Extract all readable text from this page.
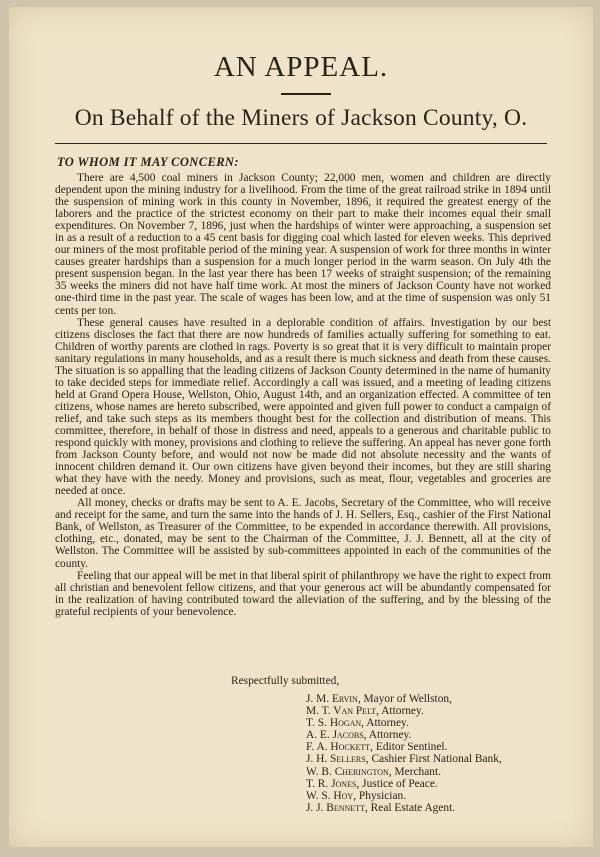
AN APPEAL.
On Behalf of the Miners of Jackson County, O.
TO WHOM IT MAY CONCERN:

There are 4,500 coal miners in Jackson County; 22,000 men, women and children are directly dependent upon the mining industry for a livelihood. From the time of the great railroad strike in 1894 until the suspension of mining work in this county in November, 1896, it required the greatest energy of the laborers and the practice of the strictest economy on their part to make their incomes equal their small expenditures. On November 7, 1896, just when the hardships of winter were approaching, a suspension set in as a result of a reduction to a 45 cent basis for digging coal which lasted for eleven weeks. This deprived our miners of the most profitable period of the mining year. A suspension of work for three months in winter causes greater hardships than a suspension for a much longer period in the warm season. On July 4th the present suspension began. In the last year there has been 17 weeks of straight suspension; of the remaining 35 weeks the miners did not have half time work. At most the miners of Jackson County have not worked one-third time in the past year. The scale of wages has been low, and at the time of suspension was only 51 cents per ton.

These general causes have resulted in a deplorable condition of affairs. Investigation by our best citizens discloses the fact that there are now hundreds of families actually suffering for something to eat. Children of worthy parents are clothed in rags. Poverty is so great that it is very difficult to maintain proper sanitary regulations in many households, and as a result there is much sickness and death from these causes. The situation is so appalling that the leading citizens of Jackson County determined in the name of humanity to take decided steps for immediate relief. Accordingly a call was issued, and a meeting of leading citizens held at Grand Opera House, Wellston, Ohio, August 14th, and an organization effected. A committee of ten citizens, whose names are hereto subscribed, were appointed and given full power to conduct a campaign of relief, and take such steps as its members thought best for the collection and distribution of means. This committee, therefore, in behalf of those in distress and need, appeals to a generous and charitable public to respond quickly with money, provisions and clothing to relieve the suffering. An appeal has never gone forth from Jackson County before, and would not now be made did not absolute necessity and the wants of innocent children demand it. Our own citizens have given beyond their incomes, but they are still sharing what they have with the needy. Money and provisions, such as meat, flour, vegetables and groceries are needed at once.

All money, checks or drafts may be sent to A. E. Jacobs, Secretary of the Committee, who will receive and receipt for the same, and turn the same into the hands of J. H. Sellers, Esq., cashier of the First National Bank, of Wellston, as Treasurer of the Committee, to be expended in accordance therewith. All provisions, clothing, etc., donated, may be sent to the Chairman of the Committee, J. J. Bennett, all at the city of Wellston. The Committee will be assisted by sub-committees appointed in each of the communities of the county.

Feeling that our appeal will be met in that liberal spirit of philanthropy we have the right to expect from all christian and benevolent fellow citizens, and that your generous act will be abundantly compensated for in the realization of having contributed toward the alleviation of the suffering, and by the blessing of the grateful recipients of your benevolence.

Respectfully submitted,
J. M. Ervin, Mayor of Wellston,
M. T. Van Pelt, Attorney.
T. S. Hogan, Attorney.
A. E. Jacobs, Attorney.
F. A. Hockett, Editor Sentinel.
J. H. Sellers, Cashier First National Bank,
W. B. Cherington, Merchant.
T. R. Jones, Justice of Peace.
W. S. Hoy, Physician.
J. J. Bennett, Real Estate Agent.
